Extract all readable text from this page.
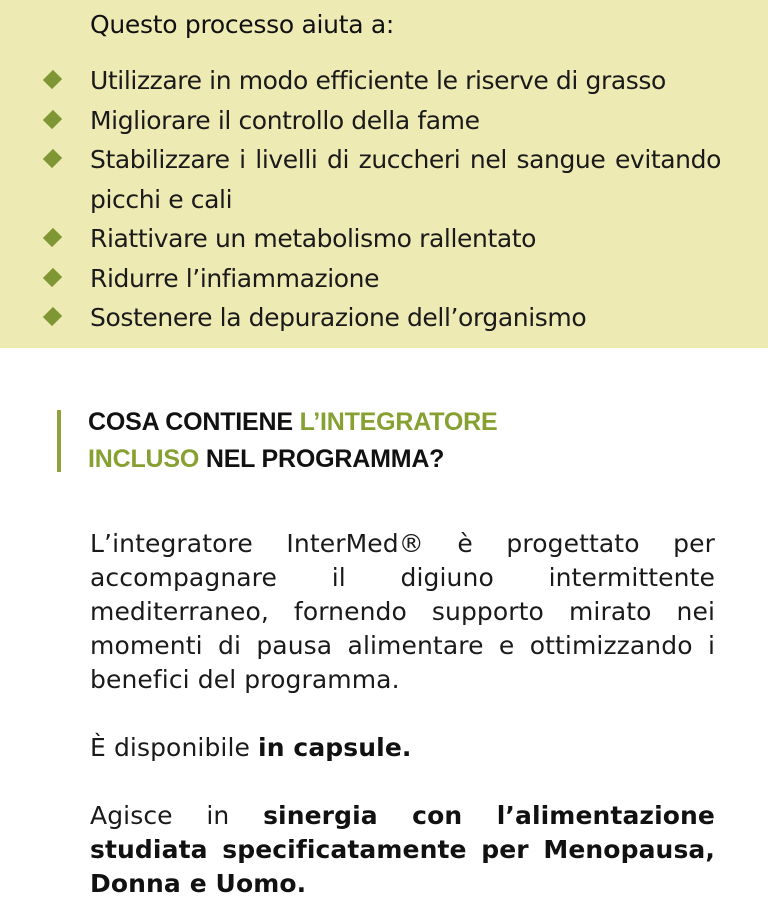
Questo processo aiuta a:
Utilizzare in modo efficiente le riserve di grasso
Migliorare il controllo della fame
Stabilizzare i livelli di zuccheri nel sangue evitando picchi e cali
Riattivare un metabolismo rallentato
Ridurre l’infiammazione
Sostenere la depurazione dell’organismo
COSA CONTIENE L’INTEGRATORE
INCLUSO NEL PROGRAMMA?

L’integratore InterMed® è progettato per accompagnare il digiuno intermittente mediterraneo, fornendo supporto mirato nei momenti di pausa alimentare e ottimizzando i benefici del programma.

È disponibile in capsule.

Agisce in sinergia con l’alimentazione studiata specificatamente per Menopausa, Donna e Uomo.
